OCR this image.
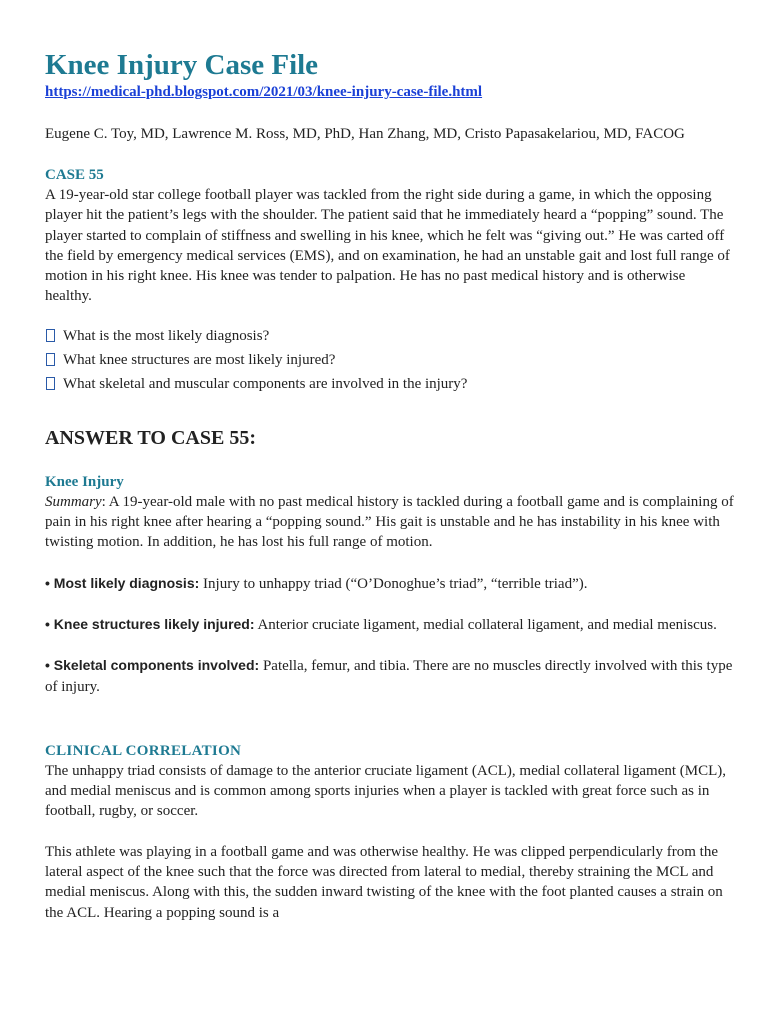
Knee Injury Case File
https://medical-phd.blogspot.com/2021/03/knee-injury-case-file.html

Eugene C. Toy, MD, Lawrence M. Ross, MD, PhD, Han Zhang, MD, Cristo Papasakelariou, MD, FACOG

CASE 55

A 19-year-old star college football player was tackled from the right side during a game, in which the opposing player hit the patient’s legs with the shoulder. The patient said that he immediately heard a “popping” sound. The player started to complain of stiffness and swelling in his knee, which he felt was “giving out.” He was carted off the field by emergency medical services (EMS), and on examination, he had an unstable gait and lost full range of motion in his right knee. His knee was tender to palpation. He has no past medical history and is otherwise healthy.

What is the most likely diagnosis?
What knee structures are most likely injured?
What skeletal and muscular components are involved in the injury?
ANSWER TO CASE 55:
Knee Injury

Summary: A 19-year-old male with no past medical history is tackled during a football game and is complaining of pain in his right knee after hearing a “popping sound.” His gait is unstable and he has instability in his knee with twisting motion. In addition, he has lost his full range of motion.

• Most likely diagnosis: Injury to unhappy triad (“O’Donoghue’s triad”, “terrible triad”).

• Knee structures likely injured: Anterior cruciate ligament, medial collateral ligament, and medial meniscus.

• Skeletal components involved: Patella, femur, and tibia. There are no muscles directly involved with this type of injury.

CLINICAL CORRELATION

The unhappy triad consists of damage to the anterior cruciate ligament (ACL), medial collateral ligament (MCL), and medial meniscus and is common among sports injuries when a player is tackled with great force such as in football, rugby, or soccer.

This athlete was playing in a football game and was otherwise healthy. He was clipped perpendicularly from the lateral aspect of the knee such that the force was directed from lateral to medial, thereby straining the MCL and medial meniscus. Along with this, the sudden inward twisting of the knee with the foot planted causes a strain on the ACL. Hearing a popping sound is a
